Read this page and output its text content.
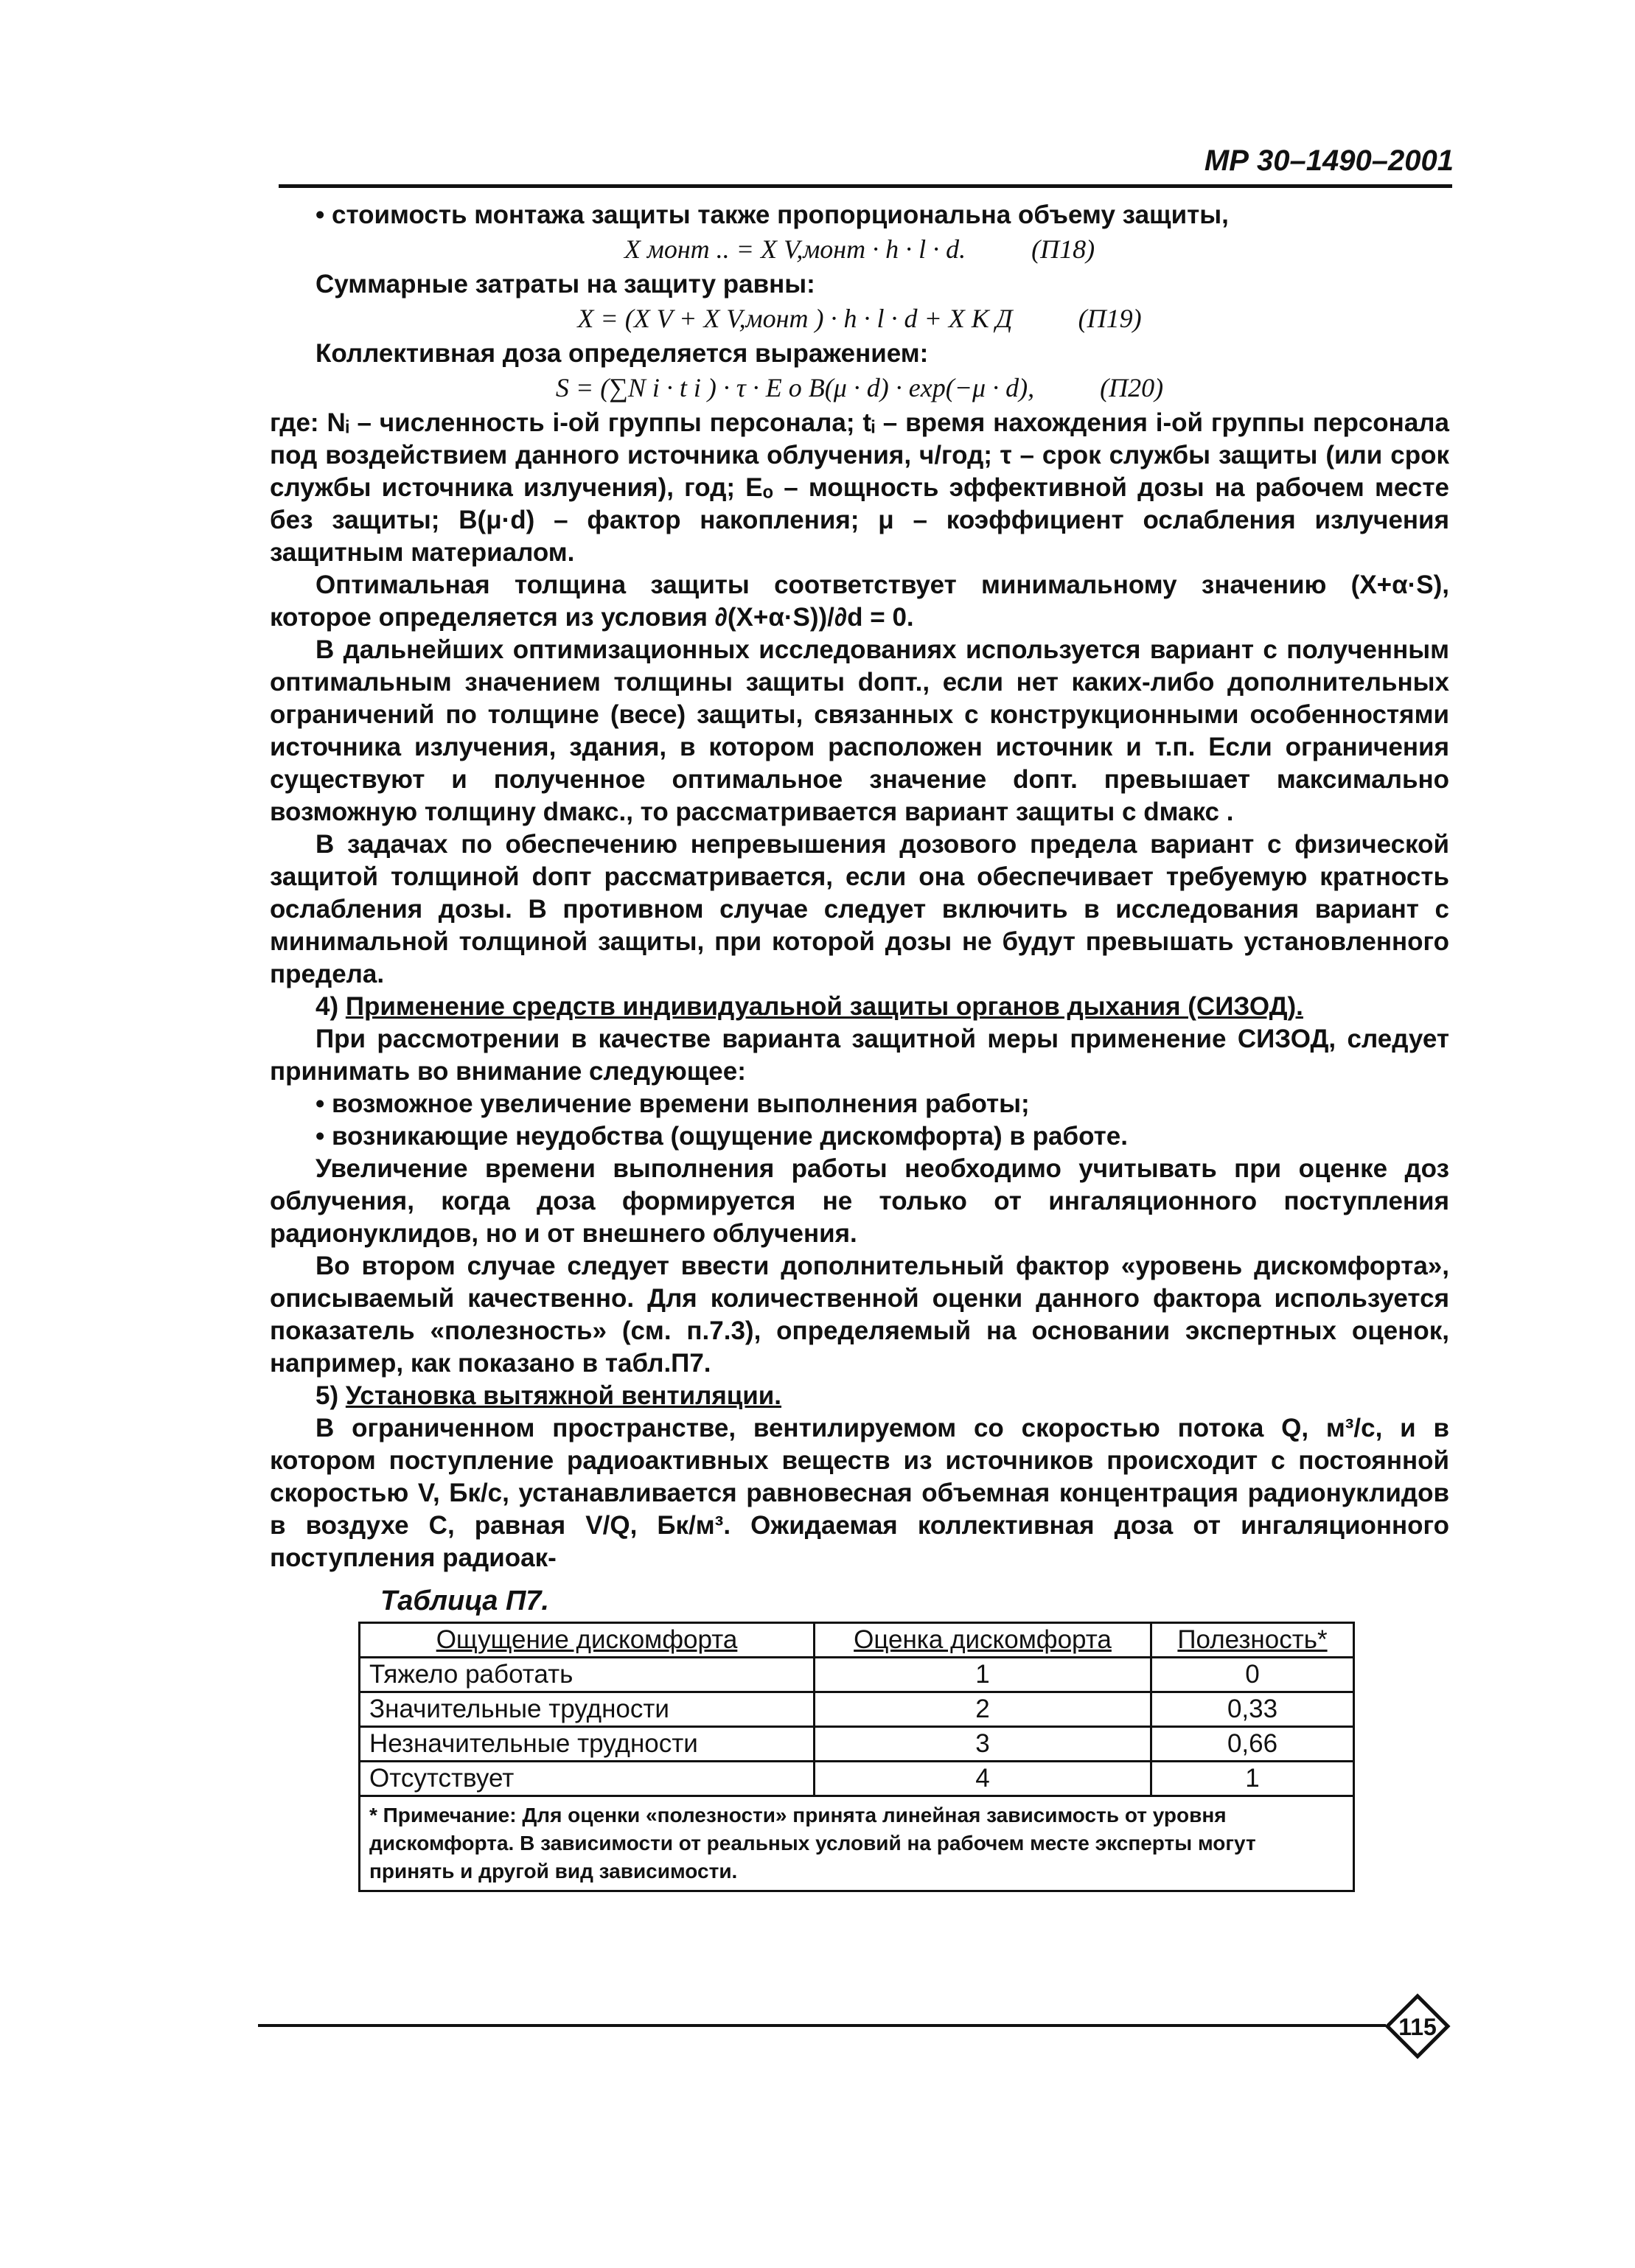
МР 30–1490–2001

• стоимость монтажа защиты также пропорциональна объему защиты,

X монт .. = X V,монт · h · l · d. (П18)

Суммарные затраты на защиту равны:

X = (X V + X V,монт ) · h · l · d + X К Д (П19)

Коллективная доза определяется выражением:

S = (∑N i · t i ) · τ · E o B(μ · d) · exp(−μ · d), (П20)

где: Nᵢ – численность i-ой группы персонала; tᵢ – время нахождения i-ой группы персонала под воздействием данного источника облучения, ч/год; τ – срок службы защиты (или срок службы источника излучения), год; Eₒ – мощность эффективной дозы на рабочем месте без защиты; B(μ·d) – фактор накопления; μ – коэффициент ослабления излучения защитным материалом.

Оптимальная толщина защиты соответствует минимальному значению (X+α·S), которое определяется из условия ∂(X+α·S))/∂d = 0.

В дальнейших оптимизационных исследованиях используется вариант с полученным оптимальным значением толщины защиты dопт., если нет каких-либо дополнительных ограничений по толщине (весе) защиты, связанных с конструкционными особенностями источника излучения, здания, в котором расположен источник и т.п. Если ограничения существуют и полученное оптимальное значение dопт. превышает максимально возможную толщину dмакс., то рассматривается вариант защиты с dмакс .

В задачах по обеспечению непревышения дозового предела вариант с физической защитой толщиной dопт рассматривается, если она обеспечивает требуемую кратность ослабления дозы. В противном случае следует включить в исследования вариант с минимальной толщиной защиты, при которой дозы не будут превышать установленного предела.

4) Применение средств индивидуальной защиты органов дыхания (СИЗОД).

При рассмотрении в качестве варианта защитной меры применение СИЗОД, следует принимать во внимание следующее:

• возможное увеличение времени выполнения работы;

• возникающие неудобства (ощущение дискомфорта) в работе.

Увеличение времени выполнения работы необходимо учитывать при оценке доз облучения, когда доза формируется не только от ингаляционного поступления радионуклидов, но и от внешнего облучения.

Во втором случае следует ввести дополнительный фактор «уровень дискомфорта», описываемый качественно. Для количественной оценки данного фактора используется показатель «полезность» (см. п.7.3), определяемый на основании экспертных оценок, например, как показано в табл.П7.

5) Установка вытяжной вентиляции.

В ограниченном пространстве, вентилируемом со скоростью потока Q, м³/с, и в котором поступление радиоактивных веществ из источников происходит с постоянной скоростью V, Бк/с, устанавливается равновесная объемная концентрация радионуклидов в воздухе C, равная V/Q, Бк/м³. Ожидаемая коллективная доза от ингаляционного поступления радиоак-

Таблица П7.
Ощущение дискомфорта	Оценка дискомфорта	Полезность*
Тяжело работать	1	0
Значительные трудности	2	0,33
Незначительные трудности	3	0,66
Отсутствует	4	1
* Примечание: Для оценки «полезности» принята линейная зависимость от уровня дискомфорта. В зависимости от реальных условий на рабочем месте эксперты могут принять и другой вид зависимости.		
115
